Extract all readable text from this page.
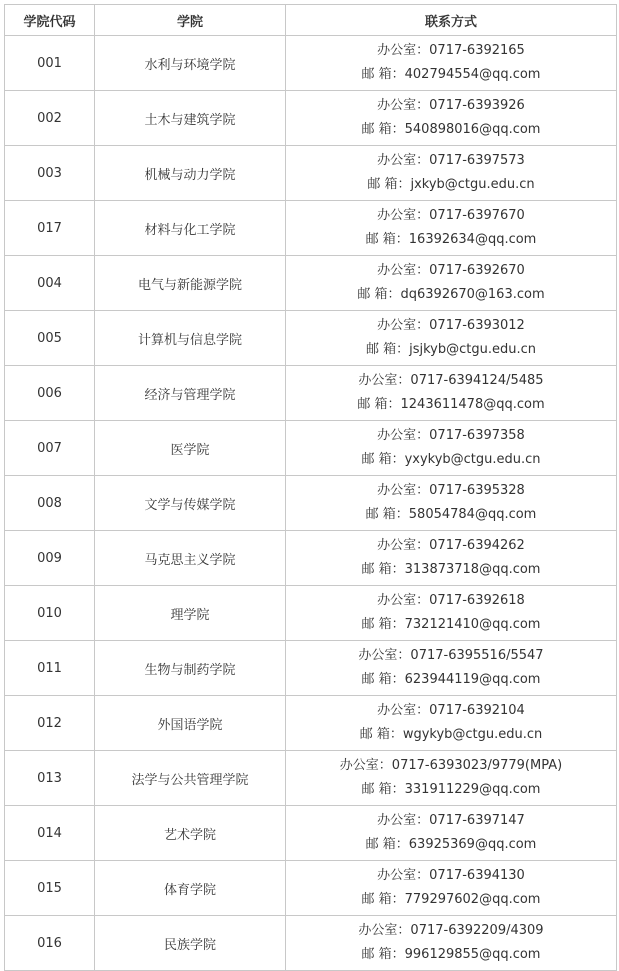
学院代码	学院	联系方式
001	水利与环境学院	办公室：0717-6392165
邮 箱：402794554@qq.com

002	土木与建筑学院	办公室：0717-6393926
邮 箱：540898016@qq.com

003	机械与动力学院	办公室：0717-6397573
邮 箱：jxkyb@ctgu.edu.cn

017	材料与化工学院	办公室：0717-6397670
邮 箱：16392634@qq.com

004	电气与新能源学院	办公室：0717-6392670
邮 箱：dq6392670@163.com

005	计算机与信息学院	办公室：0717-6393012
邮 箱：jsjkyb@ctgu.edu.cn

006	经济与管理学院	办公室：0717-6394124/5485
邮 箱：1243611478@qq.com

007	医学院	办公室：0717-6397358
邮 箱：yxykyb@ctgu.edu.cn

008	文学与传媒学院	办公室：0717-6395328
邮 箱：58054784@qq.com

009	马克思主义学院	办公室：0717-6394262
邮 箱：313873718@qq.com

010	理学院	办公室：0717-6392618
邮 箱：732121410@qq.com

011	生物与制药学院	办公室：0717-6395516/5547
邮 箱：623944119@qq.com

012	外国语学院	办公室：0717-6392104
邮 箱：wgykyb@ctgu.edu.cn

013	法学与公共管理学院	办公室：0717-6393023/9779(MPA)
邮 箱：331911229@qq.com

014	艺术学院	办公室：0717-6397147
邮 箱：63925369@qq.com

015	体育学院	办公室：0717-6394130
邮 箱：779297602@qq.com

016	民族学院	办公室：0717-6392209/4309
邮 箱：996129855@qq.com
